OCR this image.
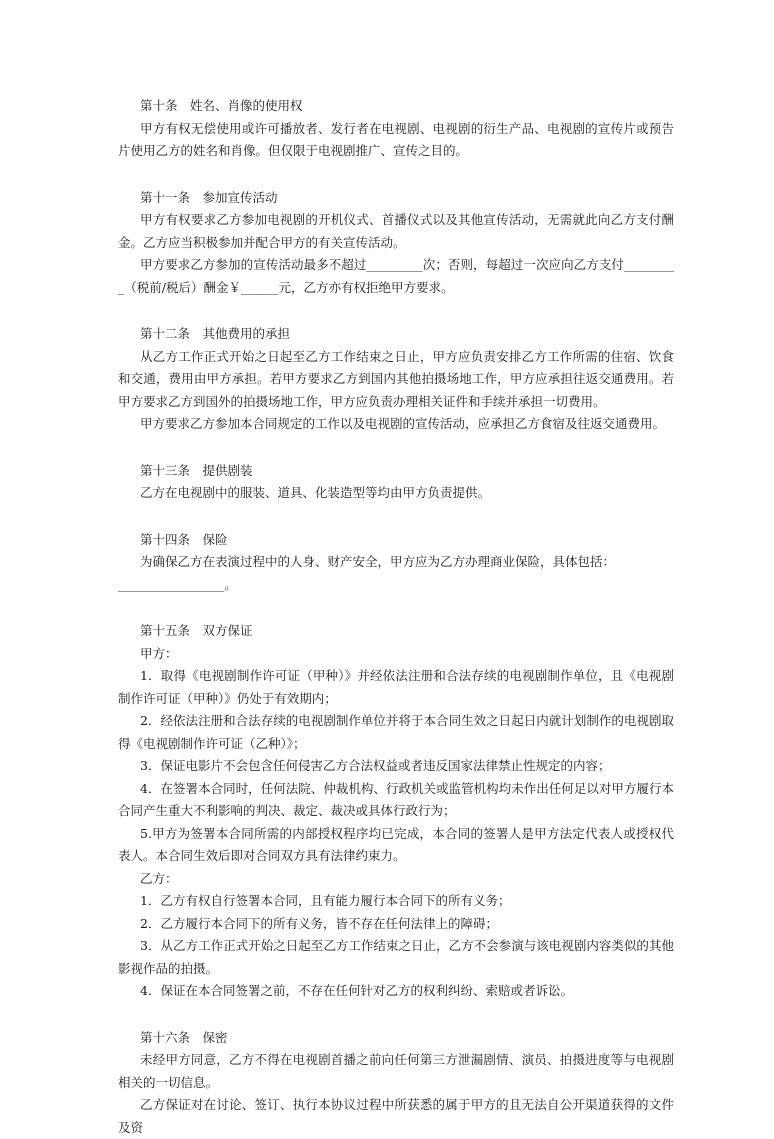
第十条　姓名、肖像的使用权
甲方有权无偿使用或许可播放者、发行者在电视剧、电视剧的衍生产品、电视剧的宣传片或预告片使用乙方的姓名和肖像。但仅限于电视剧推广、宣传之目的。
第十一条　参加宣传活动
甲方有权要求乙方参加电视剧的开机仪式、首播仪式以及其他宣传活动，无需就此向乙方支付酬金。乙方应当积极参加并配合甲方的有关宣传活动。
甲方要求乙方参加的宣传活动最多不超过_________次；否则，每超过一次应向乙方支付_________（税前/税后）酬金￥______元，乙方亦有权拒绝甲方要求。
第十二条　其他费用的承担
从乙方工作正式开始之日起至乙方工作结束之日止，甲方应负责安排乙方工作所需的住宿、饮食和交通，费用由甲方承担。若甲方要求乙方到国内其他拍摄场地工作，甲方应承担往返交通费用。若甲方要求乙方到国外的拍摄场地工作，甲方应负责办理相关证件和手续并承担一切费用。
甲方要求乙方参加本合同规定的工作以及电视剧的宣传活动，应承担乙方食宿及往返交通费用。
第十三条　提供剧装
乙方在电视剧中的服装、道具、化装造型等均由甲方负责提供。
第十四条　保险
为确保乙方在表演过程中的人身、财产安全，甲方应为乙方办理商业保险，具体包括：
_________________。
第十五条　双方保证
甲方：
1．取得《电视剧制作许可证（甲种）》并经依法注册和合法存续的电视剧制作单位，且《电视剧制作许可证（甲种）》仍处于有效期内；
2．经依法注册和合法存续的电视剧制作单位并将于本合同生效之日起日内就计划制作的电视剧取得《电视剧制作许可证（乙种）》；
3．保证电影片不会包含任何侵害乙方合法权益或者违反国家法律禁止性规定的内容；
4．在签署本合同时，任何法院、仲裁机构、行政机关或监管机构均未作出任何足以对甲方履行本合同产生重大不利影响的判决、裁定、裁决或具体行政行为；
5.甲方为签署本合同所需的内部授权程序均已完成，本合同的签署人是甲方法定代表人或授权代表人。本合同生效后即对合同双方具有法律约束力。
乙方：
1．乙方有权自行签署本合同，且有能力履行本合同下的所有义务；
2．乙方履行本合同下的所有义务，皆不存在任何法律上的障碍；
3．从乙方工作正式开始之日起至乙方工作结束之日止，乙方不会参演与该电视剧内容类似的其他影视作品的拍摄。
4．保证在本合同签署之前，不存在任何针对乙方的权利纠纷、索赔或者诉讼。
第十六条　保密
未经甲方同意，乙方不得在电视剧首播之前向任何第三方泄漏剧情、演员、拍摄进度等与电视剧相关的一切信息。
乙方保证对在讨论、签订、执行本协议过程中所获悉的属于甲方的且无法自公开渠道获得的文件及资
